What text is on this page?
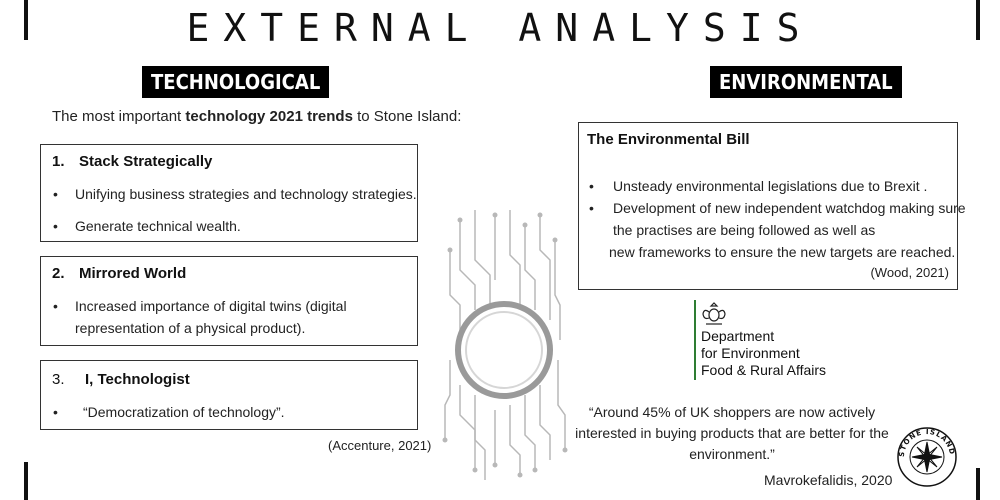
EXTERNAL ANALYSIS
TECHNOLOGICAL
The most important technology 2021 trends to Stone Island:
1. Stack Strategically
• Unifying business strategies and technology strategies.
• Generate technical wealth.
2. Mirrored World
• Increased importance of digital twins (digital
representation of a physical product).
3. I, Technologist
• “Democratization of technology”.
(Accenture, 2021)
ENVIRONMENTAL
The Environmental Bill
• Unsteady environmental legislations due to Brexit .
• Development of new independent watchdog making sure
the practises are being followed as well as
new frameworks to ensure the new targets are reached.
(Wood, 2021)
Department
for Environment
Food & Rural Affairs
“Around 45% of UK shoppers are now actively
interested in buying products that are better for the
environment.”
Mavrokefalidis, 2020
STONE ISLAND
